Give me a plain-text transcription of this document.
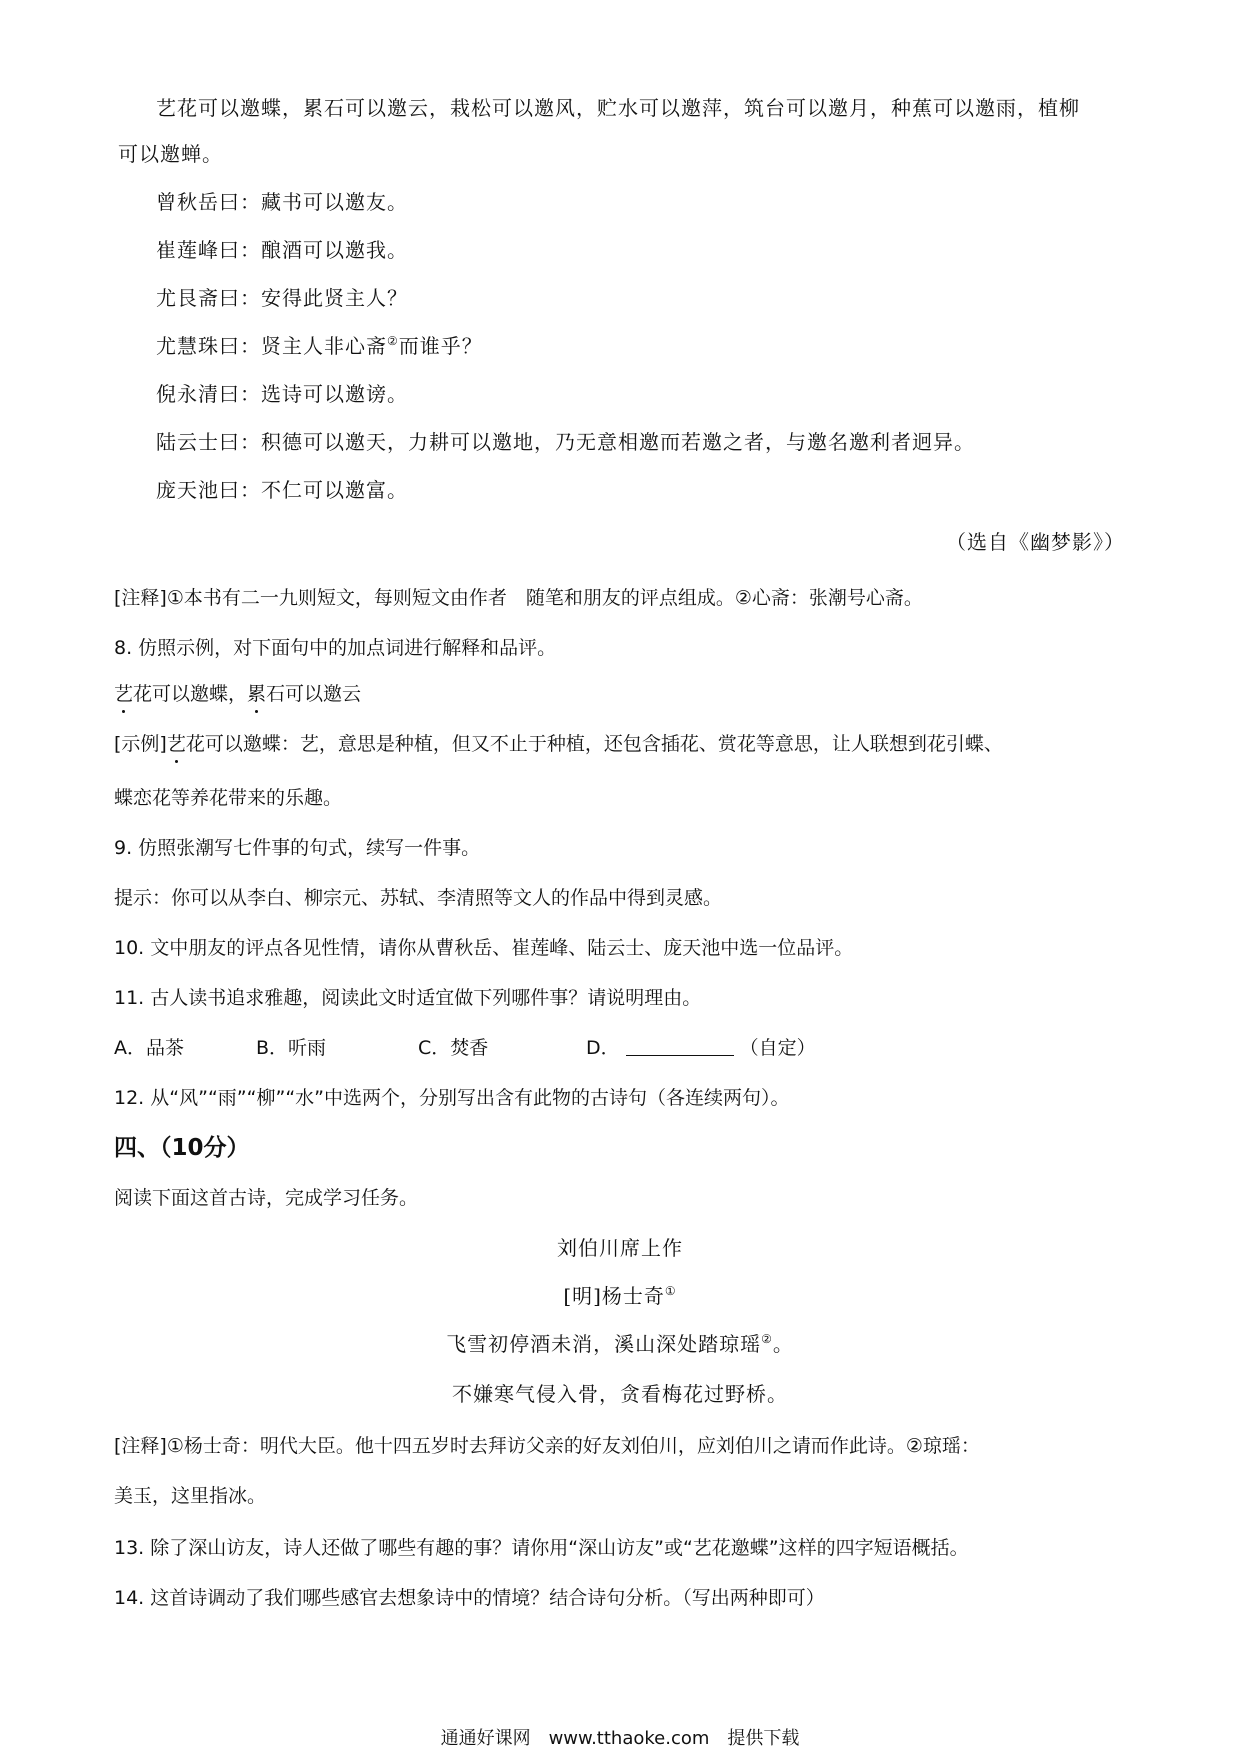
艺花可以邀蝶，累石可以邀云，栽松可以邀风，贮水可以邀萍，筑台可以邀月，种蕉可以邀雨，植柳
可以邀蝉。
曾秋岳曰：藏书可以邀友。
崔莲峰曰：酿酒可以邀我。
尤艮斋曰：安得此贤主人？
尤慧珠曰：贤主人非心斋②而谁乎？
倪永清曰：选诗可以邀谤。
陆云士曰：积德可以邀天，力耕可以邀地，乃无意相邀而若邀之者，与邀名邀利者迥异。
庞天池曰：不仁可以邀富。
（选自《幽梦影》）
[注释]①本书有二一九则短文，每则短文由作者　随笔和朋友的评点组成。②心斋：张潮号心斋。
8. 仿照示例，对下面句中的加点词进行解释和品评。
艺花可以邀蝶，累石可以邀云
[示例]艺花可以邀蝶：艺，意思是种植，但又不止于种植，还包含插花、赏花等意思，让人联想到花引蝶、
蝶恋花等养花带来的乐趣。
9. 仿照张潮写七件事的句式，续写一件事。
提示：你可以从李白、柳宗元、苏轼、李清照等文人的作品中得到灵感。
10. 文中朋友的评点各见性情，请你从曹秋岳、崔莲峰、陆云士、庞天池中选一位品评。
11. 古人读书追求雅趣，阅读此文时适宜做下列哪件事？请说明理由。
A．品茶	B．听雨	C．焚香	D．	（自定）
12. 从“风”“雨”“柳”“水”中选两个，分别写出含有此物的古诗句（各连续两句）。
四、（10分）
阅读下面这首古诗，完成学习任务。
刘伯川席上作
[明]杨士奇①
飞雪初停酒未消，溪山深处踏琼瑶②。
不嫌寒气侵入骨，贪看梅花过野桥。
[注释]①杨士奇：明代大臣。他十四五岁时去拜访父亲的好友刘伯川，应刘伯川之请而作此诗。②琼瑶：
美玉，这里指冰。
13. 除了深山访友，诗人还做了哪些有趣的事？请你用“深山访友”或“艺花邀蝶”这样的四字短语概括。
14. 这首诗调动了我们哪些感官去想象诗中的情境？结合诗句分析。（写出两种即可）
通通好课网　www.tthaoke.com　提供下载
